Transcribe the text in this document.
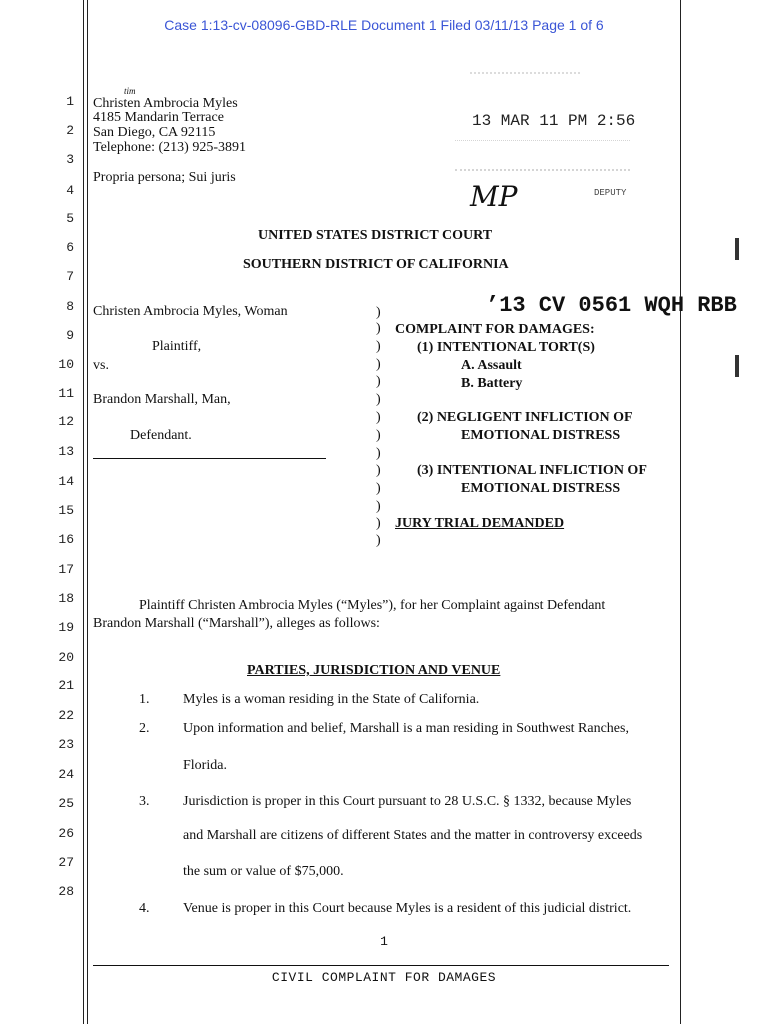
Case 1:13-cv-08096-GBD-RLE Document 1 Filed 03/11/13 Page 1 of 6
1
2
3
4
5
6
7
8
9
10
11
12
13
14
15
16
17
18
19
20
21
22
23
24
25
26
27
28
tim
Christen Ambrocia Myles
4185 Mandarin Terrace
San Diego, CA 92115
Telephone: (213) 925-3891
Propria persona; Sui juris
13 MAR 11 PM 2:56
DEPUTY
MP
UNITED STATES DISTRICT COURT
SOUTHERN DISTRICT OF CALIFORNIA
Christen Ambrocia Myles, Woman
Plaintiff,
vs.
Brandon Marshall, Man,
Defendant.
)
)
)
)
)
)
)
)
)
)
)
)
)
)
’13 CV 0561 WQH RBB
COMPLAINT FOR DAMAGES:
(1) INTENTIONAL TORT(S)
A. Assault
B. Battery
(2) NEGLIGENT INFLICTION OF
EMOTIONAL DISTRESS
(3) INTENTIONAL INFLICTION OF
EMOTIONAL DISTRESS
JURY TRIAL DEMANDED
Plaintiff Christen Ambrocia Myles (“Myles”), for her Complaint against Defendant
Brandon Marshall (“Marshall”), alleges as follows:
PARTIES, JURISDICTION AND VENUE
1. Myles is a woman residing in the State of California.
2. Upon information and belief, Marshall is a man residing in Southwest Ranches,
Florida.
3. Jurisdiction is proper in this Court pursuant to 28 U.S.C. § 1332, because Myles
and Marshall are citizens of different States and the matter in controversy exceeds
the sum or value of $75,000.
4. Venue is proper in this Court because Myles is a resident of this judicial district.
1
CIVIL COMPLAINT FOR DAMAGES
